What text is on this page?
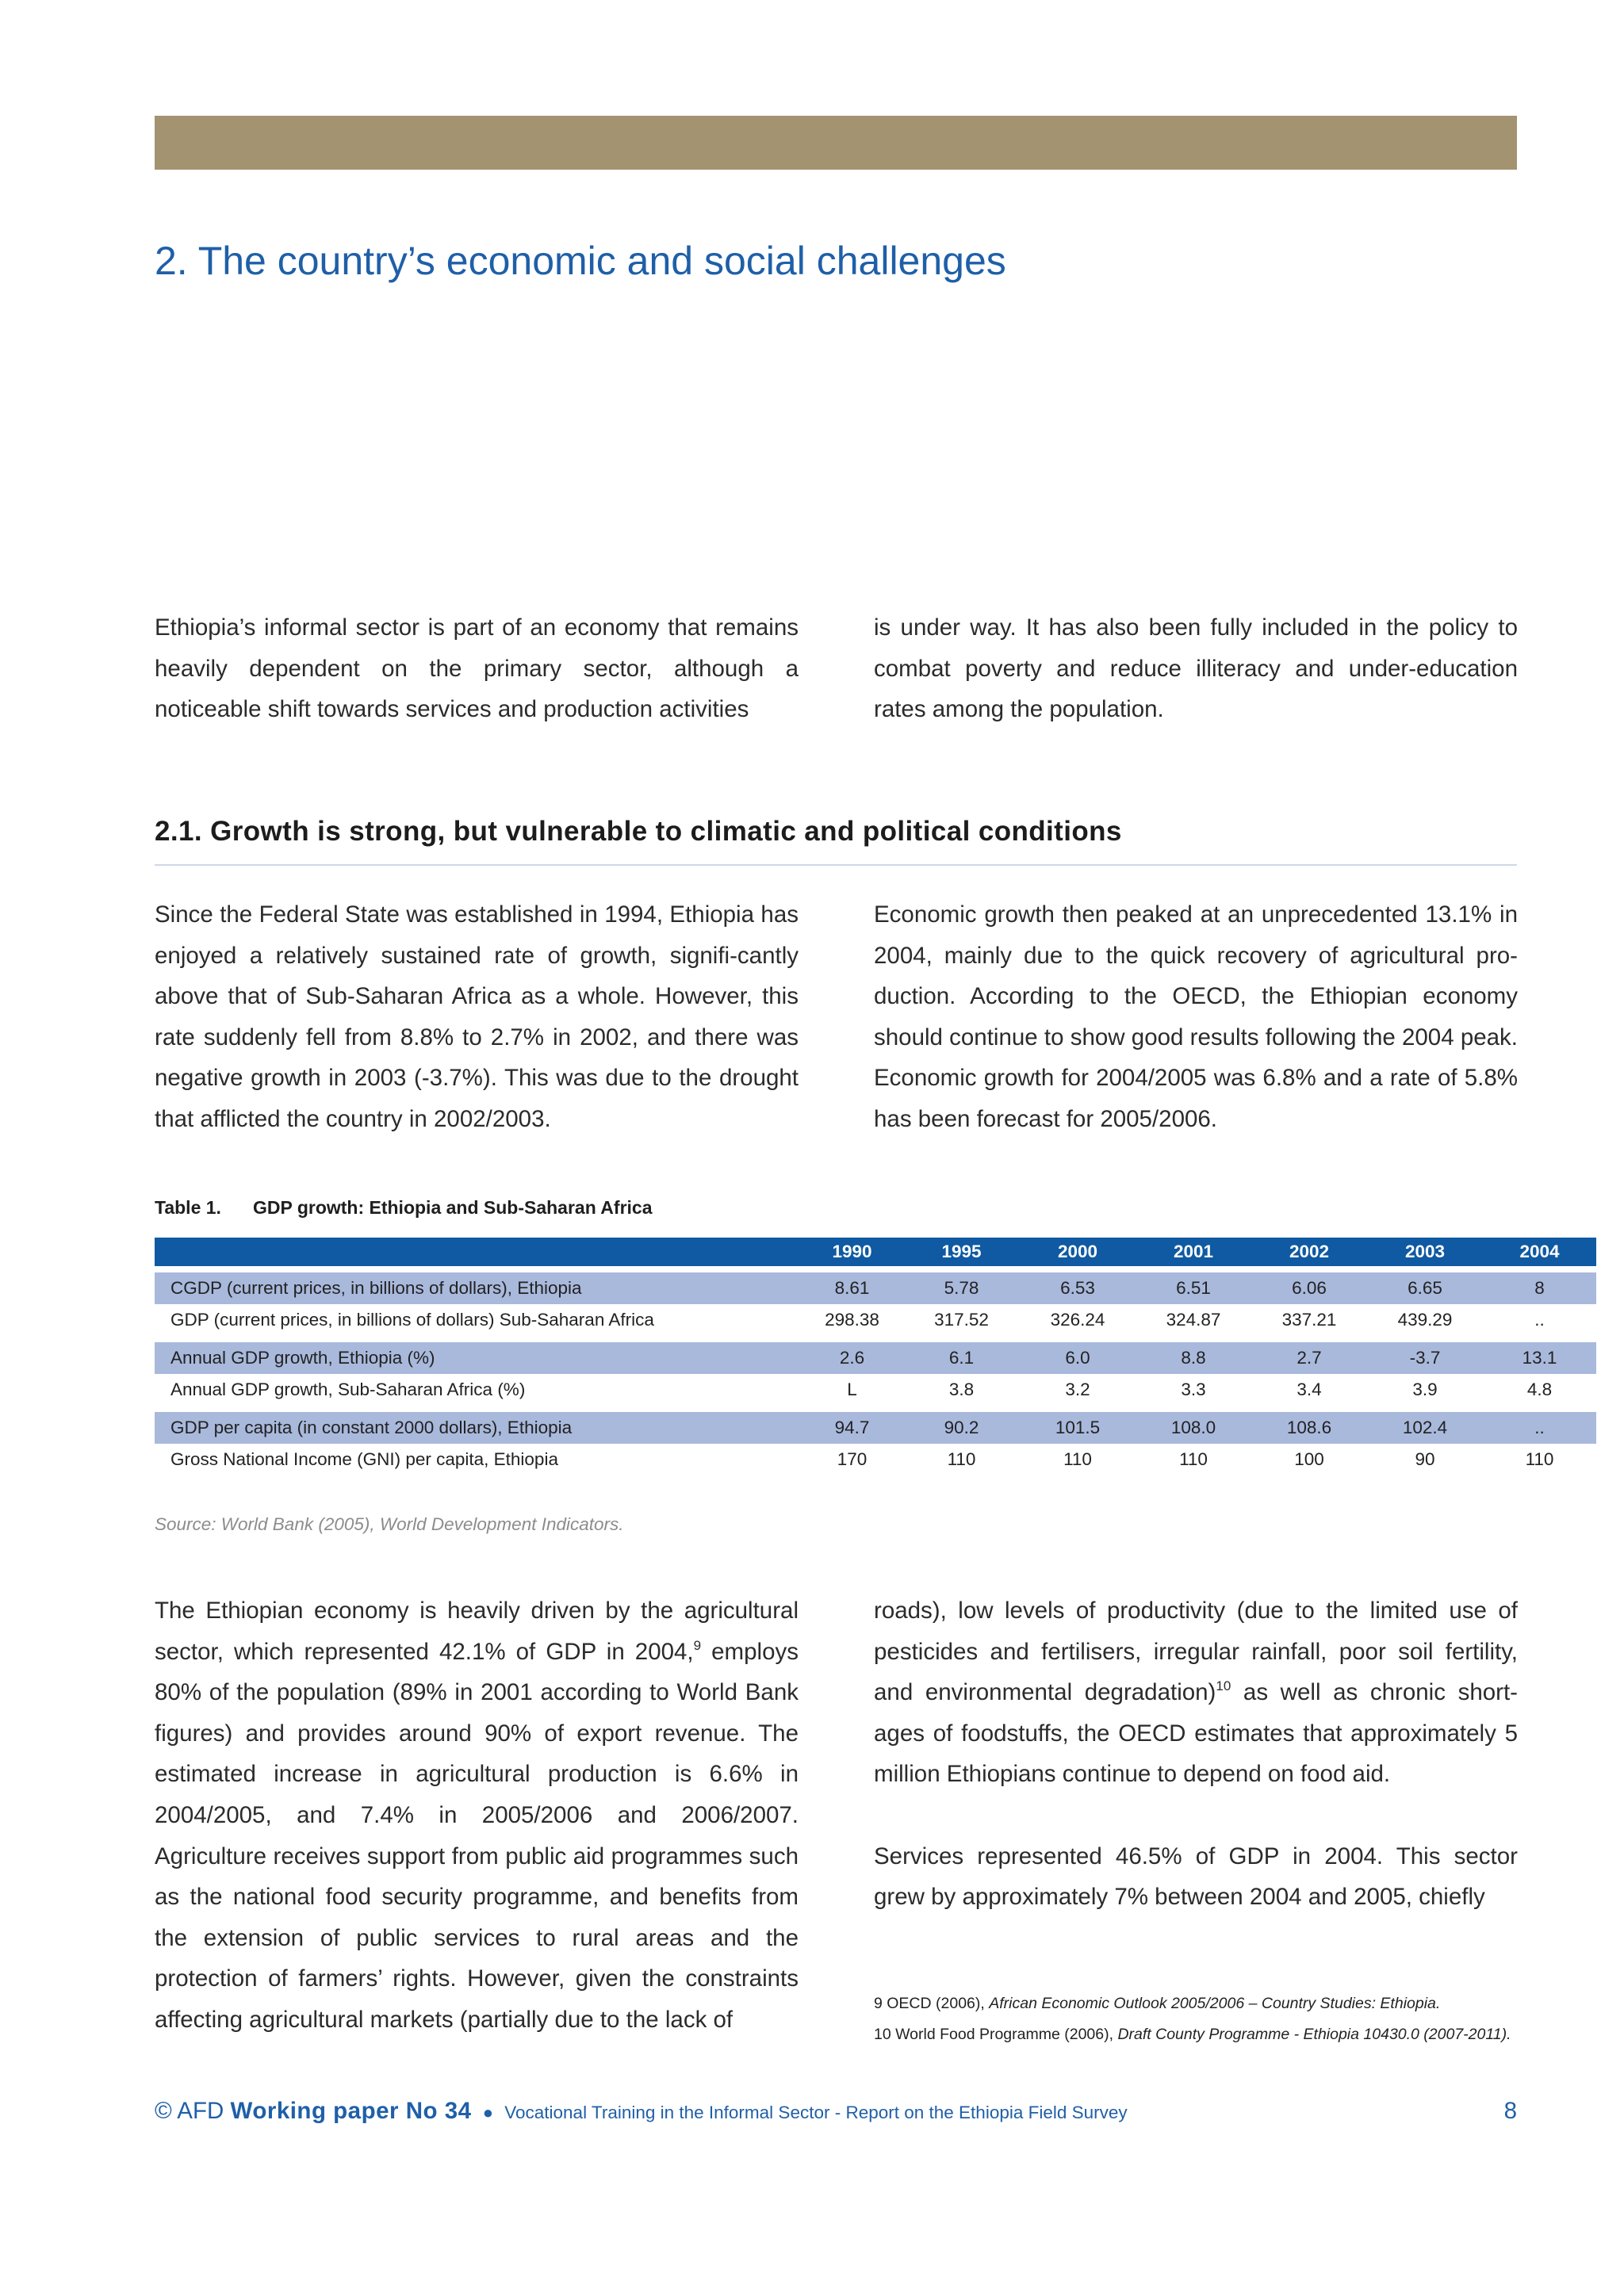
2. The country’s economic and social challenges

Ethiopia’s informal sector is part of an economy that remains heavily dependent on the primary sector, although a noticeable shift towards services and production activities

is under way. It has also been fully included in the policy to combat poverty and reduce illiteracy and under-education rates among the population.

2.1. Growth is strong, but vulnerable to climatic and political conditions

Since the Federal State was established in 1994, Ethiopia has enjoyed a relatively sustained rate of growth, signifi-cantly above that of Sub-Saharan Africa as a whole. However, this rate suddenly fell from 8.8% to 2.7% in 2002, and there was negative growth in 2003 (-3.7%). This was due to the drought that afflicted the country in 2002/2003.

Economic growth then peaked at an unprecedented 13.1% in 2004, mainly due to the quick recovery of agricultural pro-duction. According to the OECD, the Ethiopian economy should continue to show good results following the 2004 peak. Economic growth for 2004/2005 was 6.8% and a rate of 5.8% has been forecast for 2005/2006.

Table 1. GDP growth: Ethiopia and Sub-Saharan Africa
	1990	1995	2000	2001	2002	2003	2004

CGDP (current prices, in billions of dollars), Ethiopia	8.61	5.78	6.53	6.51	6.06	6.65	8
GDP (current prices, in billions of dollars) Sub-Saharan Africa	298.38	317.52	326.24	324.87	337.21	439.29	..

Annual GDP growth, Ethiopia (%)	2.6	6.1	6.0	8.8	2.7	-3.7	13.1
Annual GDP growth, Sub-Saharan Africa (%)	L	3.8	3.2	3.3	3.4	3.9	4.8

GDP per capita (in constant 2000 dollars), Ethiopia	94.7	90.2	101.5	108.0	108.6	102.4	..
Gross National Income (GNI) per capita, Ethiopia	170	110	110	110	100	90	110
Source: World Bank (2005), World Development Indicators.

The Ethiopian economy is heavily driven by the agricultural sector, which represented 42.1% of GDP in 2004,$^9$ employs 80% of the population (89% in 2001 according to World Bank figures) and provides around 90% of export revenue. The estimated increase in agricultural production is 6.6% in 2004/2005, and 7.4% in 2005/2006 and 2006/2007. Agriculture receives support from public aid programmes such as the national food security programme, and benefits from the extension of public services to rural areas and the protection of farmers’ rights. However, given the constraints affecting agricultural markets (partially due to the lack of

roads), low levels of productivity (due to the limited use of pesticides and fertilisers, irregular rainfall, poor soil fertility, and environmental degradation)$^{10}$ as well as chronic short-ages of foodstuffs, the OECD estimates that approximately 5 million Ethiopians continue to depend on food aid.

Services represented 46.5% of GDP in 2004. This sector grew by approximately 7% between 2004 and 2005, chiefly

9 OECD (2006), African Economic Outlook 2005/2006 – Country Studies: Ethiopia.
10 World Food Programme (2006), Draft County Programme - Ethiopia 10430.0 (2007-2011).
© AFD Working paper No 34 ● Vocational Training in the Informal Sector - Report on the Ethiopia Field Survey	8
